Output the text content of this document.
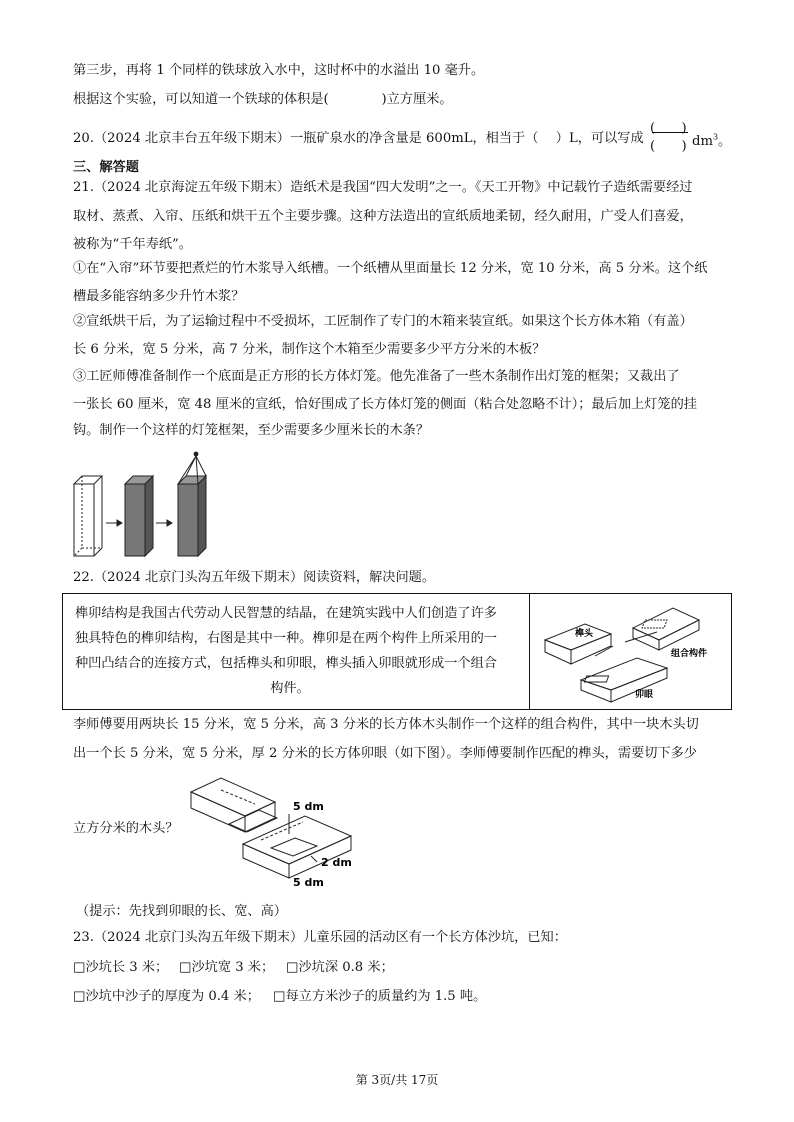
第三步，再将 1 个同样的铁球放入水中，这时杯中的水溢出 10 毫升。
根据这个实验，可以知道一个铁球的体积是(　　　　)立方厘米。
20.（2024 北京丰台五年级下期末）一瓶矿泉水的净含量是 600mL，相当于（　 ）L，可以写成
(　　)
(　　) $dm^3$。
三、解答题
21.（2024 北京海淀五年级下期末）造纸术是我国“四大发明”之一。《天工开物》中记载竹子造纸需要经过
取材、蒸煮、入帘、压纸和烘干五个主要步骤。这种方法造出的宣纸质地柔韧，经久耐用，广受人们喜爱，
被称为“千年寿纸”。
①在“入帘”环节要把煮烂的竹木浆导入纸槽。一个纸槽从里面量长 12 分米，宽 10 分米，高 5 分米。这个纸
槽最多能容纳多少升竹木浆？
②宣纸烘干后，为了运输过程中不受损坏，工匠制作了专门的木箱来装宣纸。如果这个长方体木箱（有盖）
长 6 分米，宽 5 分米，高 7 分米，制作这个木箱至少需要多少平方分米的木板？
③工匠师傅准备制作一个底面是正方形的长方体灯笼。他先准备了一些木条制作出灯笼的框架；又裁出了
一张长 60 厘米，宽 48 厘米的宣纸，恰好围成了长方体灯笼的侧面（粘合处忽略不计）；最后加上灯笼的挂
钩。制作一个这样的灯笼框架，至少需要多少厘米长的木条？
22.（2024 北京门头沟五年级下期末）阅读资料，解决问题。
榫卯结构是我国古代劳动人民智慧的结晶，在建筑实践中人们创造了许多
独具特色的榫卯结构，右图是其中一种。榫卯是在两个构件上所采用的一
种凹凸结合的连接方式，包括榫头和卯眼，榫头插入卯眼就形成一个组合
构件。
榫头
组合构件
卯眼
李师傅要用两块长 15 分米，宽 5 分米，高 3 分米的长方体木头制作一个这样的组合构件，其中一块木头切
出一个长 5 分米，宽 5 分米，厚 2 分米的长方体卯眼（如下图）。李师傅要制作匹配的榫头，需要切下多少
5 dm
2 dm
5 dm
立方分米的木头？
（提示：先找到卯眼的长、宽、高）
23.（2024 北京门头沟五年级下期末）儿童乐园的活动区有一个长方体沙坑，已知：
□沙坑长 3 米； □沙坑宽 3 米； □沙坑深 0.8 米；
□沙坑中沙子的厚度为 0.4 米； □每立方米沙子的质量约为 1.5 吨。
第 3页/共 17页
